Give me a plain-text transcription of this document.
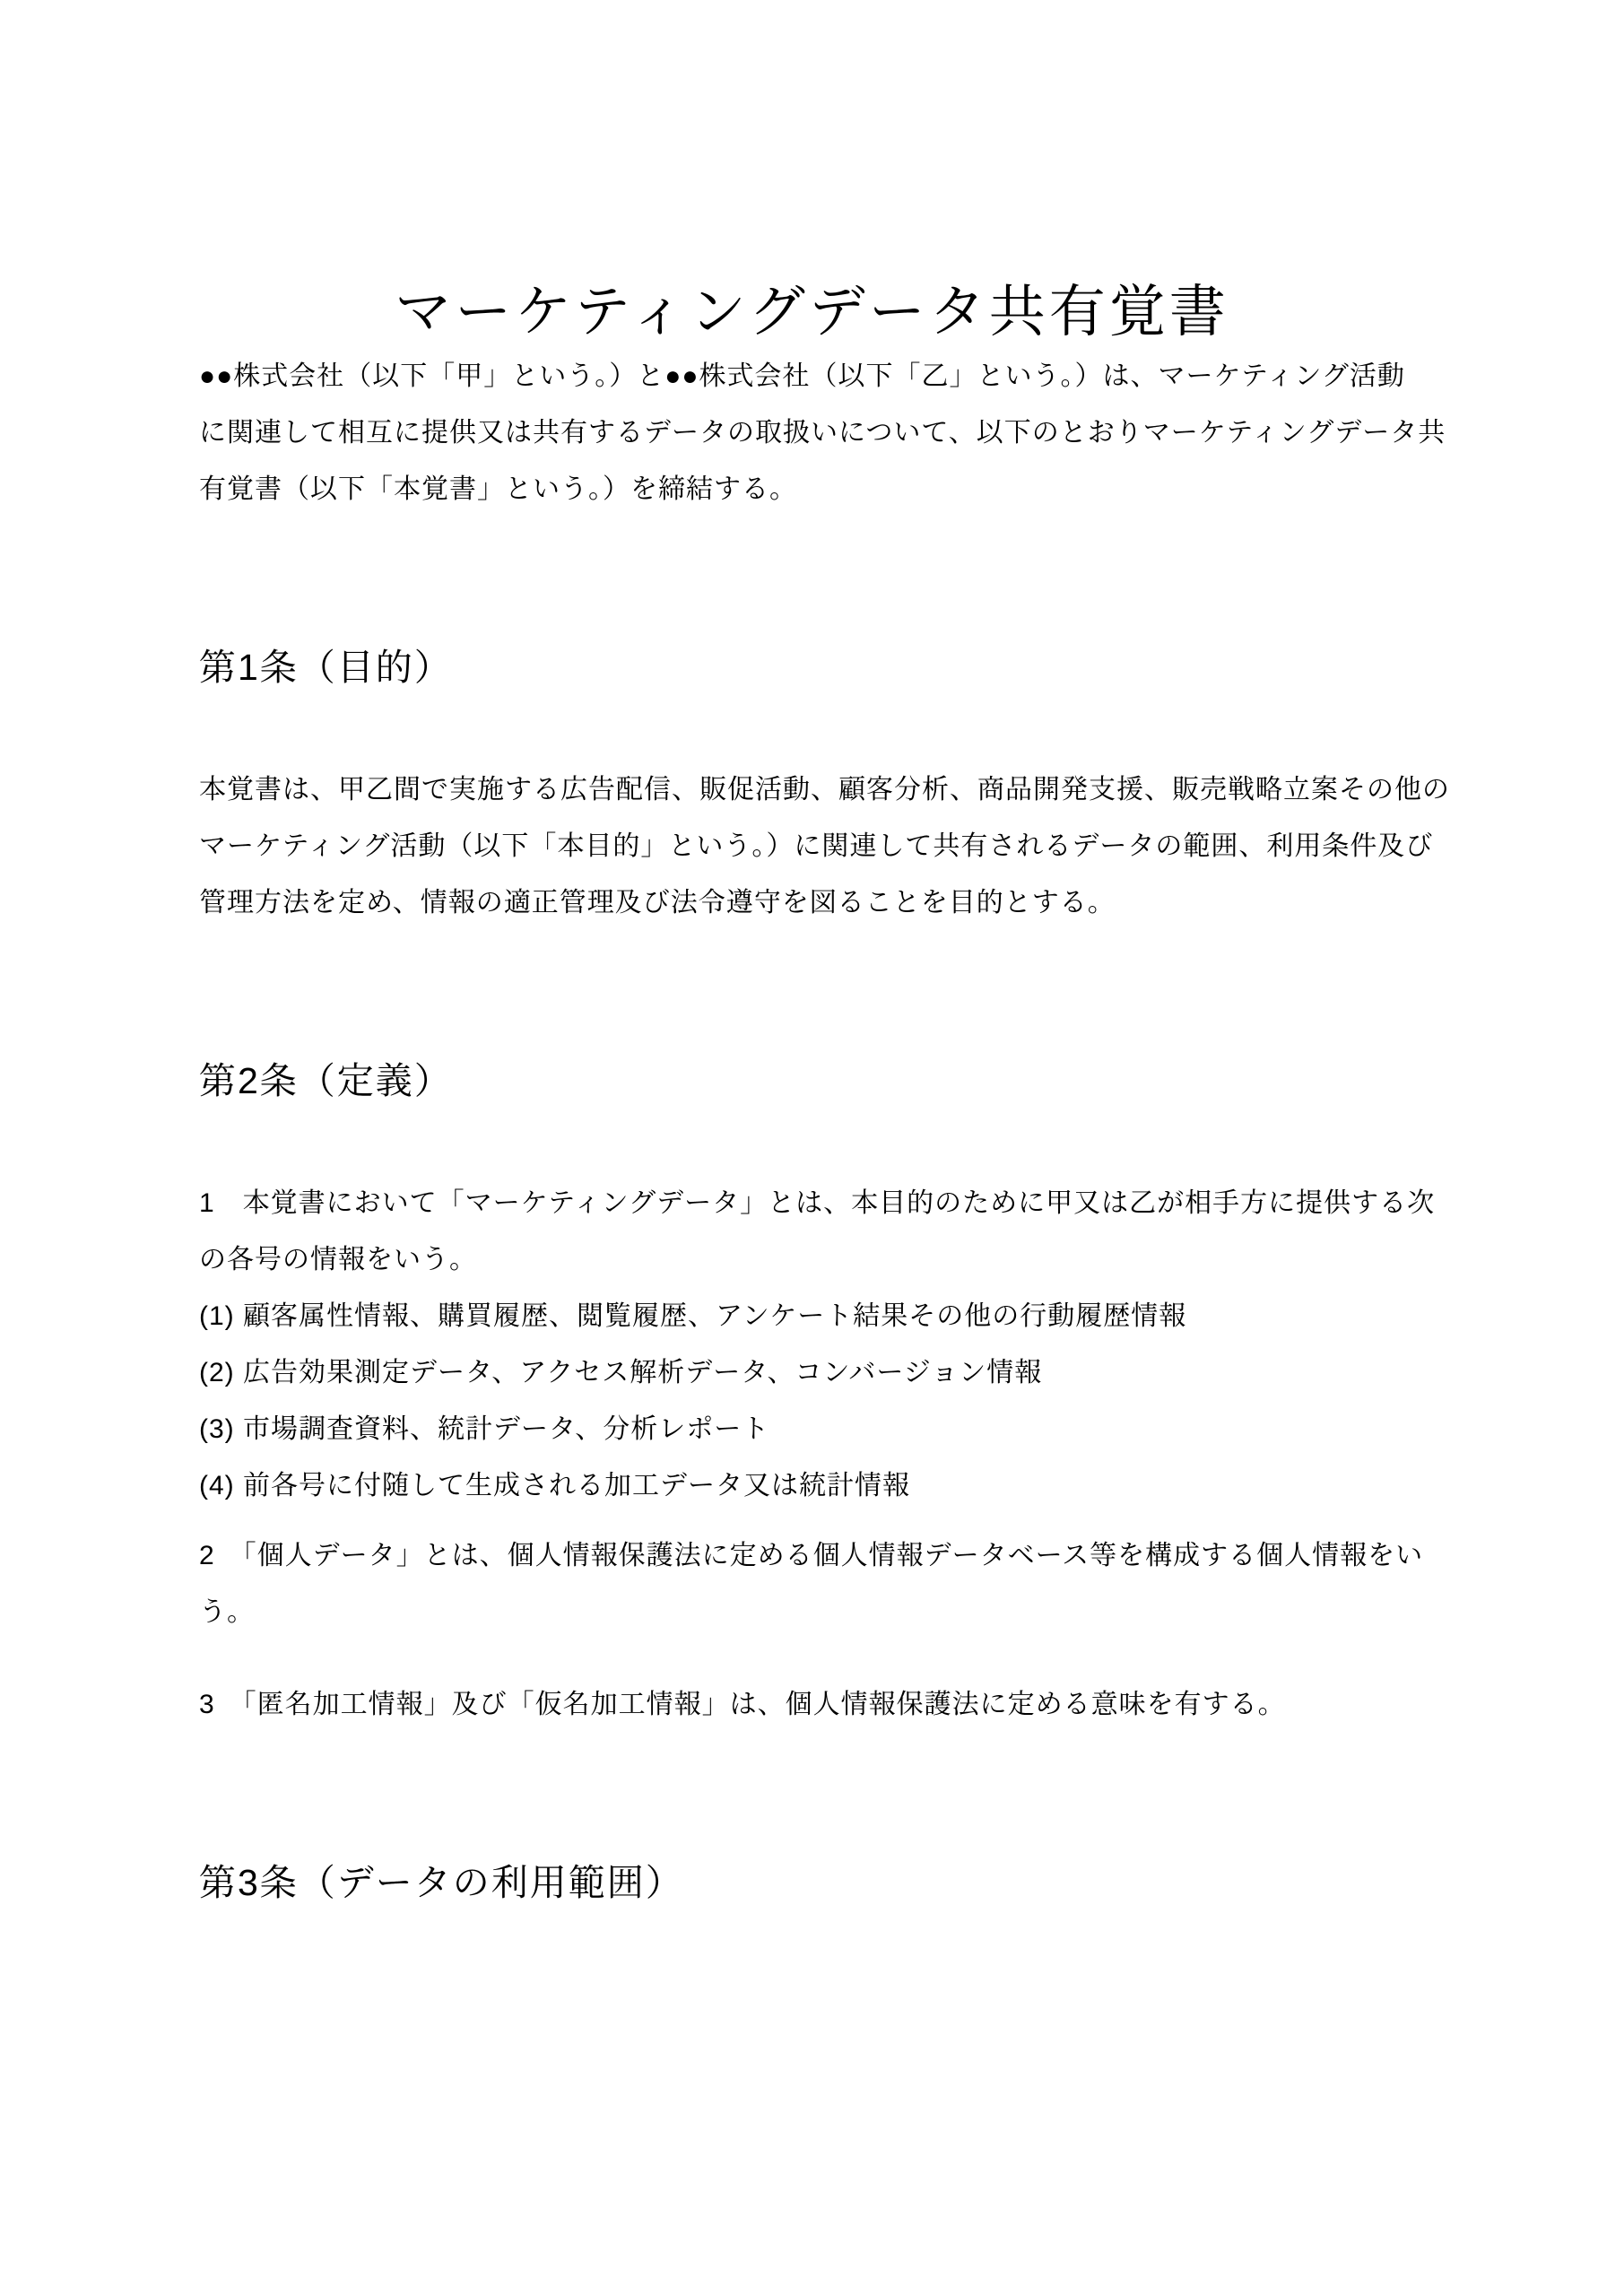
マーケティングデータ共有覚書

●●株式会社（以下「甲」という。）と●●株式会社（以下「乙」という。）は、マーケティング活動
に関連して相互に提供又は共有するデータの取扱いについて、以下のとおりマーケティングデータ共
有覚書（以下「本覚書」という。）を締結する。

第1条（目的）

本覚書は、甲乙間で実施する広告配信、販促活動、顧客分析、商品開発支援、販売戦略立案その他の
マーケティング活動（以下「本目的」という。）に関連して共有されるデータの範囲、利用条件及び
管理方法を定め、情報の適正管理及び法令遵守を図ることを目的とする。

第2条（定義）

1　本覚書において「マーケティングデータ」とは、本目的のために甲又は乙が相手方に提供する次
の各号の情報をいう。

(1) 顧客属性情報、購買履歴、閲覧履歴、アンケート結果その他の行動履歴情報
(2) 広告効果測定データ、アクセス解析データ、コンバージョン情報
(3) 市場調査資料、統計データ、分析レポート
(4) 前各号に付随して生成される加工データ又は統計情報

2　「個人データ」とは、個人情報保護法に定める個人情報データベース等を構成する個人情報をい
う。

3　「匿名加工情報」及び「仮名加工情報」は、個人情報保護法に定める意味を有する。

第3条（データの利用範囲）
